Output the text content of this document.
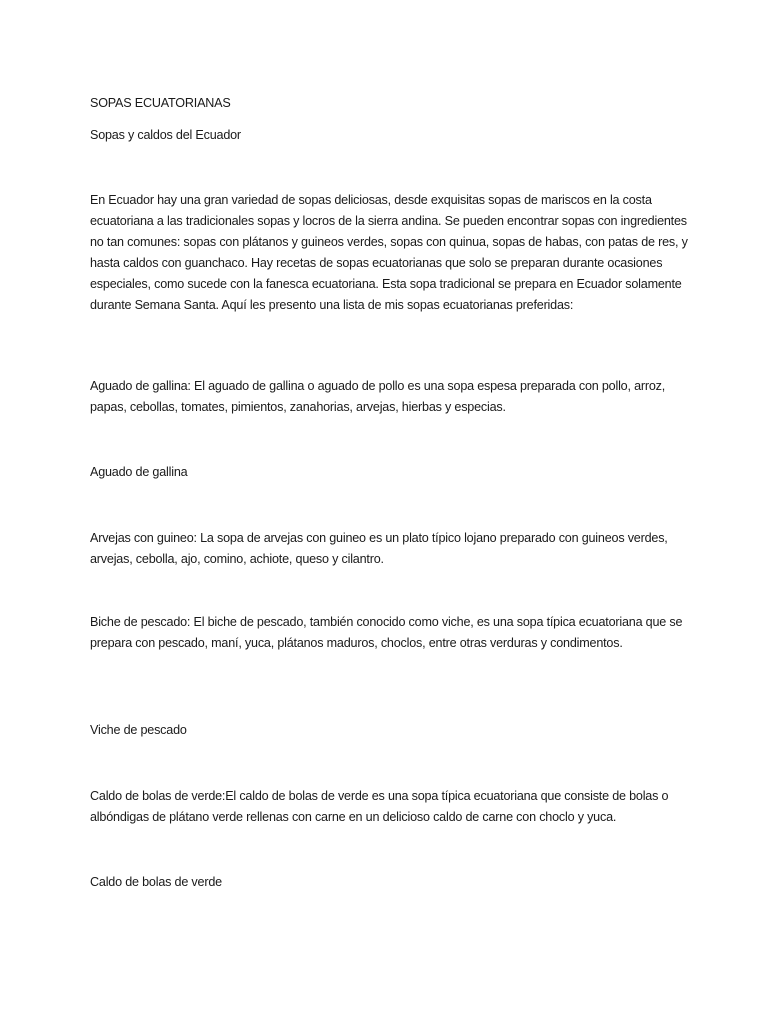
SOPAS ECUATORIANAS

Sopas y caldos del Ecuador

En Ecuador hay una gran variedad de sopas deliciosas, desde exquisitas sopas de mariscos en la costa ecuatoriana a las tradicionales sopas y locros de la sierra andina. Se pueden encontrar sopas con ingredientes no tan comunes: sopas con plátanos y guineos verdes, sopas con quinua, sopas de habas, con patas de res, y hasta caldos con guanchaco. Hay recetas de sopas ecuatorianas que solo se preparan durante ocasiones especiales, como sucede con la fanesca ecuatoriana. Esta sopa tradicional se prepara en Ecuador solamente durante Semana Santa. Aquí les presento una lista de mis sopas ecuatorianas preferidas:

Aguado de gallina: El aguado de gallina o aguado de pollo es una sopa espesa preparada con pollo, arroz, papas, cebollas, tomates, pimientos, zanahorias, arvejas, hierbas y especias.

Aguado de gallina

Arvejas con guineo: La sopa de arvejas con guineo es un plato típico lojano preparado con guineos verdes, arvejas, cebolla, ajo, comino, achiote, queso y cilantro.

Biche de pescado: El biche de pescado, también conocido como viche, es una sopa típica ecuatoriana que se prepara con pescado, maní, yuca, plátanos maduros, choclos, entre otras verduras y condimentos.

Viche de pescado

Caldo de bolas de verde:El caldo de bolas de verde es una sopa típica ecuatoriana que consiste de bolas o albóndigas de plátano verde rellenas con carne en un delicioso caldo de carne con choclo y yuca.

Caldo de bolas de verde
